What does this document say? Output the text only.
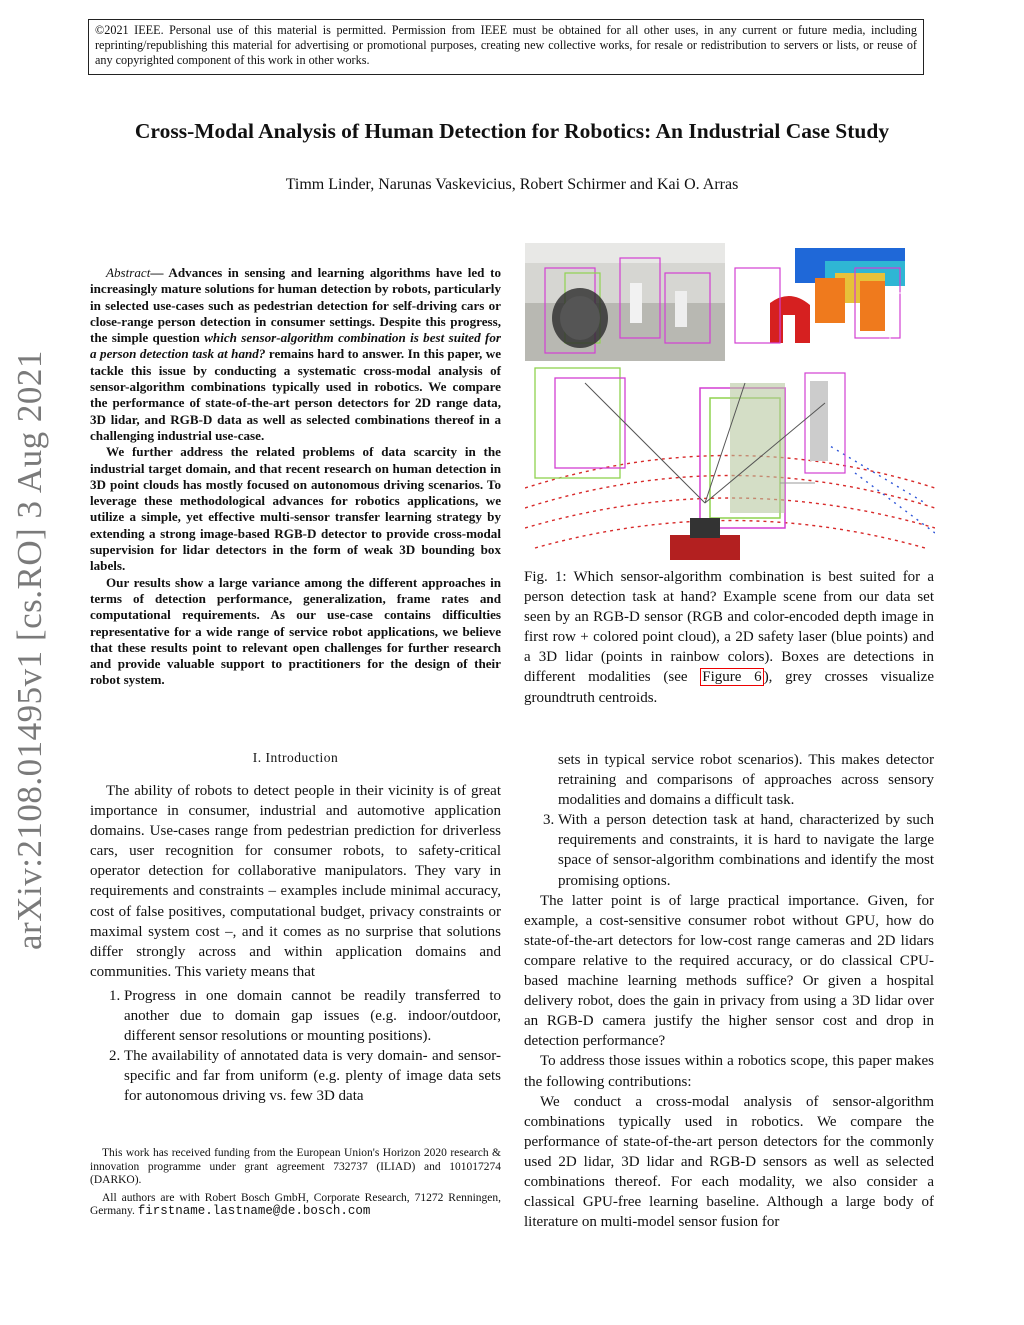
©2021 IEEE. Personal use of this material is permitted. Permission from IEEE must be obtained for all other uses, in any current or future media, including reprinting/republishing this material for advertising or promotional purposes, creating new collective works, for resale or redistribution to servers or lists, or reuse of any copyrighted component of this work in other works.
Cross-Modal Analysis of Human Detection for Robotics: An Industrial Case Study
Timm Linder, Narunas Vaskevicius, Robert Schirmer and Kai O. Arras
arXiv:2108.01495v1 [cs.RO] 3 Aug 2021

Abstract— Advances in sensing and learning algorithms have led to increasingly mature solutions for human detection by robots, particularly in selected use-cases such as pedestrian detection for self-driving cars or close-range person detection in consumer settings. Despite this progress, the simple question which sensor-algorithm combination is best suited for a person detection task at hand? remains hard to answer. In this paper, we tackle this issue by conducting a systematic cross-modal analysis of sensor-algorithm combinations typically used in robotics. We compare the performance of state-of-the-art person detectors for 2D range data, 3D lidar, and RGB-D data as well as selected combinations thereof in a challenging industrial use-case.

We further address the related problems of data scarcity in the industrial target domain, and that recent research on human detection in 3D point clouds has mostly focused on autonomous driving scenarios. To leverage these methodological advances for robotics applications, we utilize a simple, yet effective multi-sensor transfer learning strategy by extending a strong image-based RGB-D detector to provide cross-modal supervision for lidar detectors in the form of weak 3D bounding box labels.

Our results show a large variance among the different approaches in terms of detection performance, generalization, frame rates and computational requirements. As our use-case contains difficulties representative for a wide range of service robot applications, we believe that these results point to relevant open challenges for further research and provide valuable support to practitioners for the design of their robot system.

I. Introduction

The ability of robots to detect people in their vicinity is of great importance in consumer, industrial and automotive application domains. Use-cases range from pedestrian prediction for driverless cars, user recognition for consumer robots, to safety-critical operator detection for collaborative manipulators. They vary in requirements and constraints – examples include minimal accuracy, cost of false positives, computational budget, privacy constraints or maximal system cost –, and it comes as no surprise that solutions differ strongly across and within application domains and communities. This variety means that

1. Progress in one domain cannot be readily transferred to another due to domain gap issues (e.g. indoor/outdoor, different sensor resolutions or mounting positions).
2. The availability of annotated data is very domain- and sensor-specific and far from uniform (e.g. plenty of image data sets for autonomous driving vs. few 3D data

This work has received funding from the European Union's Horizon 2020 research & innovation programme under grant agreement 732737 (ILIAD) and 101017274 (DARKO).

All authors are with Robert Bosch GmbH, Corporate Research, 71272 Renningen, Germany. firstname.lastname@de.bosch.com

Fig. 1: Which sensor-algorithm combination is best suited for a person detection task at hand? Example scene from our data set seen by an RGB-D sensor (RGB and color-encoded depth image in first row + colored point cloud), a 2D safety laser (blue points) and a 3D lidar (points in rainbow colors). Boxes are detections in different modalities (see Figure 6 ), grey crosses visualize groundtruth centroids.
sets in typical service robot scenarios). This makes detector retraining and comparisons of approaches across sensory modalities and domains a difficult task.
3. With a person detection task at hand, characterized by such requirements and constraints, it is hard to navigate the large space of sensor-algorithm combinations and identify the most promising options.

The latter point is of large practical importance. Given, for example, a cost-sensitive consumer robot without GPU, how do state-of-the-art detectors for low-cost range cameras and 2D lidars compare relative to the required accuracy, or do classical CPU-based machine learning methods suffice? Or given a hospital delivery robot, does the gain in privacy from using a 3D lidar over an RGB-D camera justify the higher sensor cost and drop in detection performance?

To address those issues within a robotics scope, this paper makes the following contributions:

We conduct a cross-modal analysis of sensor-algorithm combinations typically used in robotics. We compare the performance of state-of-the-art person detectors for the commonly used 2D lidar, 3D lidar and RGB-D sensors as well as selected combinations thereof. For each modality, we also consider a classical GPU-free learning baseline. Although a large body of literature on multi-model sensor fusion for
